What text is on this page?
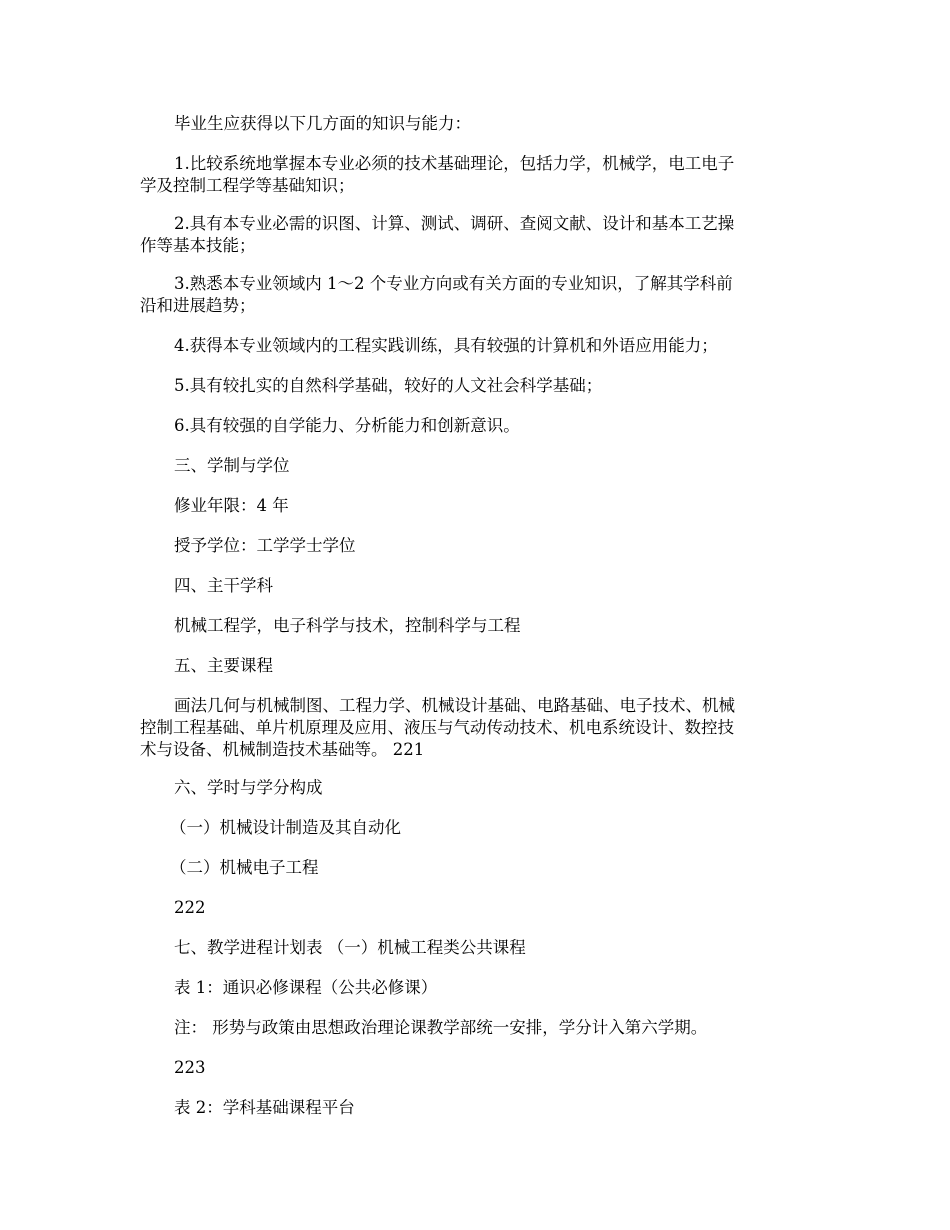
毕业生应获得以下几方面的知识与能力：

1.比较系统地掌握本专业必须的技术基础理论，包括力学，机械学，电工电子
学及控制工程学等基础知识；

2.具有本专业必需的识图、计算、测试、调研、查阅文献、设计和基本工艺操
作等基本技能；

3.熟悉本专业领域内 1～2 个专业方向或有关方面的专业知识，了解其学科前
沿和进展趋势；

4.获得本专业领域内的工程实践训练，具有较强的计算机和外语应用能力；

5.具有较扎实的自然科学基础，较好的人文社会科学基础；

6.具有较强的自学能力、分析能力和创新意识。

三、学制与学位

修业年限：4 年

授予学位：工学学士学位

四、主干学科

机械工程学，电子科学与技术，控制科学与工程

五、主要课程

画法几何与机械制图、工程力学、机械设计基础、电路基础、电子技术、机械
控制工程基础、单片机原理及应用、液压与气动传动技术、机电系统设计、数控技
术与设备、机械制造技术基础等。 221

六、学时与学分构成

（一）机械设计制造及其自动化

（二）机械电子工程

222

七、教学进程计划表 （一）机械工程类公共课程

表 1：通识必修课程（公共必修课）

注： 形势与政策由思想政治理论课教学部统一安排，学分计入第六学期。

223

表 2：学科基础课程平台
